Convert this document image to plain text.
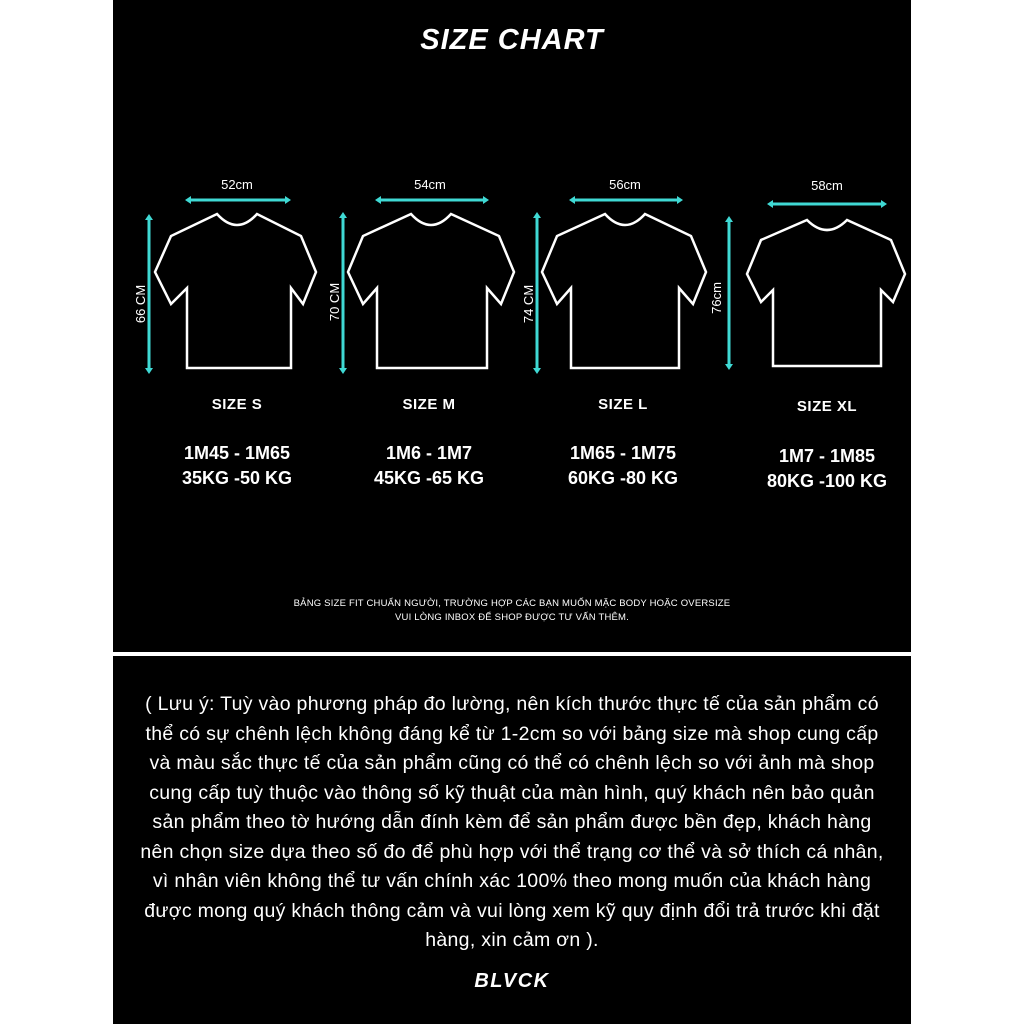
SIZE CHART
52cm
66 CM
SIZE S
1M45 - 1M65
35KG -50 KG
54cm
70 CM
SIZE M
1M6 - 1M7
45KG -65 KG
56cm
74 CM
SIZE L
1M65 - 1M75
60KG -80 KG
58cm
76cm
SIZE XL
1M7 - 1M85
80KG -100 KG
BẢNG SIZE FIT CHUẨN NGƯỜI, TRƯỜNG HỢP CÁC BẠN MUỐN MẶC BODY HOẶC OVERSIZE
VUI LÒNG INBOX ĐỂ SHOP ĐƯỢC TƯ VẤN THÊM.
( Lưu ý: Tuỳ vào phương pháp đo lường, nên kích thước thực tế của sản phẩm có thể có sự chênh lệch không đáng kể từ 1-2cm so với bảng size mà shop cung cấp và màu sắc thực tế của sản phẩm cũng có thể có chênh lệch so với ảnh mà shop cung cấp tuỳ thuộc vào thông số kỹ thuật của màn hình, quý khách nên bảo quản sản phẩm theo tờ hướng dẫn đính kèm để sản phẩm được bền đẹp, khách hàng nên chọn size dựa theo số đo để phù hợp với thể trạng cơ thể và sở thích cá nhân, vì nhân viên không thể tư vấn chính xác 100% theo mong muốn của khách hàng được mong quý khách thông cảm và vui lòng xem kỹ quy định đổi trả trước khi đặt hàng, xin cảm ơn ).
BLVCK
